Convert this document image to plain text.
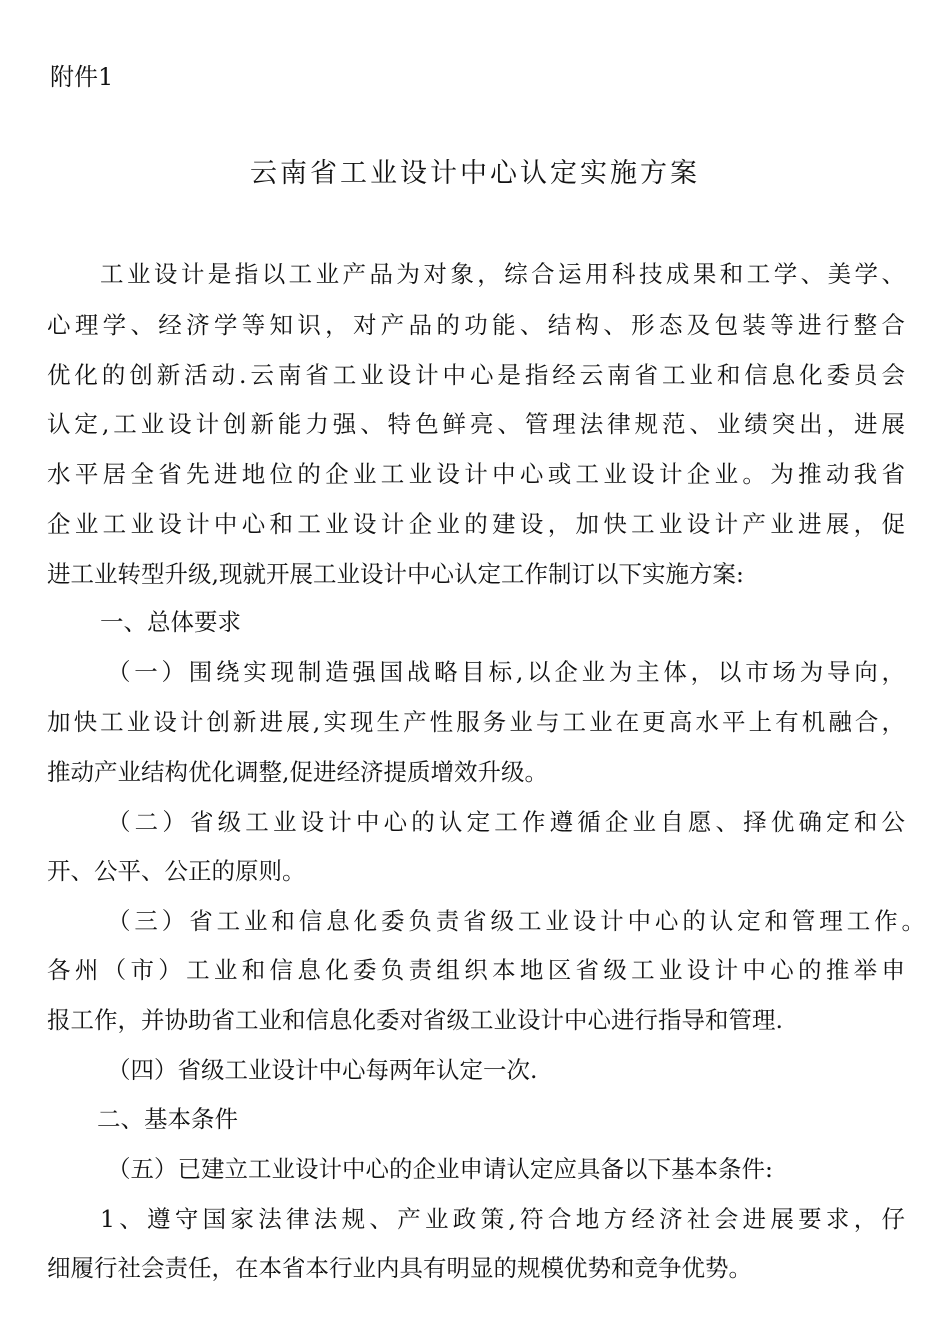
附件1
云南省工业设计中心认定实施方案
工业设计是指以工业产品为对象，综合运用科技成果和工学、美学、
心理学、经济学等知识，对产品的功能、结构、形态及包装等进行整合
优化的创新活动.云南省工业设计中心是指经云南省工业和信息化委员会
认定,工业设计创新能力强、特色鲜亮、管理法律规范、业绩突出，进展
水平居全省先进地位的企业工业设计中心或工业设计企业。为推动我省
企业工业设计中心和工业设计企业的建设，加快工业设计产业进展，促
进工业转型升级,现就开展工业设计中心认定工作制订以下实施方案:
一、总体要求
（一）围绕实现制造强国战略目标,以企业为主体，以市场为导向，
加快工业设计创新进展,实现生产性服务业与工业在更高水平上有机融合，
推动产业结构优化调整,促进经济提质增效升级。
（二）省级工业设计中心的认定工作遵循企业自愿、择优确定和公
开、公平、公正的原则。
（三）省工业和信息化委负责省级工业设计中心的认定和管理工作。
各州（市）工业和信息化委负责组织本地区省级工业设计中心的推举申
报工作，并协助省工业和信息化委对省级工业设计中心进行指导和管理.
（四）省级工业设计中心每两年认定一次.
二、基本条件
（五）已建立工业设计中心的企业申请认定应具备以下基本条件:
1、遵守国家法律法规、产业政策,符合地方经济社会进展要求，仔
细履行社会责任，在本省本行业内具有明显的规模优势和竞争优势。
